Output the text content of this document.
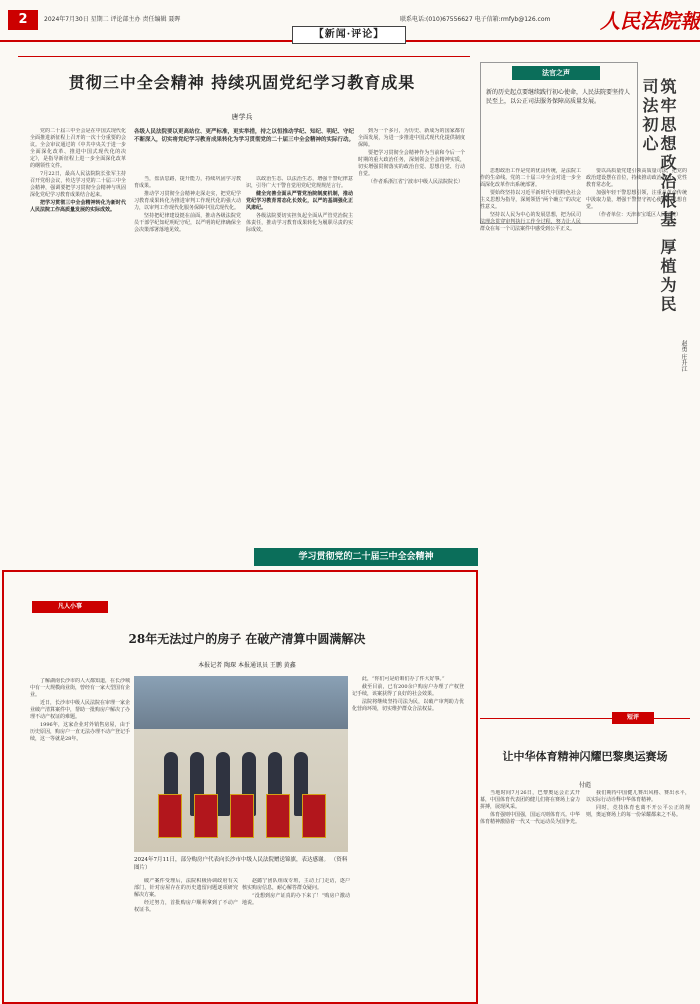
2	2024年7月30日 星期二 评论部主办 责任编辑 聂晖	联系电话:(010)67556627 电子信箱:rmfyb@126.com 人民法院報
【新闻·评论】
贯彻三中全会精神 持续巩固党纪学习教育成果
唐学兵

党的二十届三中全会是在中国式现代化全面推进新征程上召开的一次十分重要的会议。全会审议通过的《中共中央关于进一步全面深化改革、推进中国式现代化的决定》，是指导新征程上进一步全面深化改革的纲领性文件。

7月22日，最高人民法院院长张军主持召开党组会议，传达学习党的二十届三中全会精神，强调要把学习贯彻全会精神与巩固深化党纪学习教育成果结合起来。

把学习贯彻三中全会精神转化为新时代人民法院工作高质量发展的实际成效。

当，盘活思路，提升能力，持续巩固学习教育成果。

推动学习贯彻全会精神走深走实，把党纪学习教育成果转化为推进审判工作现代化的强大动力，以审判工作现代化服务保障中国式现代化。

坚持把纪律建设挺在前面，推动各级法院党员干部学纪知纪明纪守纪，以严明的纪律确保全会决策部署落地见效。

以政治生态、以法治生态，增强干警纪律意识，引导广大干警自觉用党纪党规规范言行。

健全完善全面从严管党治院制度机制，推动党纪学习教育常态化长效化，以严的基调强化正风肃纪。

各级法院要切实担负起全面从严管党治院主体责任，推动学习教育成果转化为履职尽责的实际成效。

到为一个多月，为历史、新成为的国家都有全面发展，为进一步推进中国式现代化提供制度保障。

要把学习贯彻全会精神作为当前和今后一个时期的重大政治任务，深刻领会全会精神实质，切实增强贯彻落实的政治自觉、思想自觉、行动自觉。

（作者系浙江省宁波市中级人民法院院长）

各级人民法院要以更高站位、更严标准，更实举措，持之以恒推动学纪、知纪、明纪、守纪不断深入，切实将党纪学习教育成果转化为学习贯彻党的二十届三中全会精神的实际行动。
学习贯彻党的二十届三中全会精神
法官之声
新的历史起点要继续践行初心使命，人民法院要坚持人民至上，以公正司法服务保障高质量发展。	筑牢思想政治根基 厚植为民司法初心
赵勇 庄升江

思想政治工作是党的优良传统，是法院工作的生命线。党的二十届三中全会对进一步全面深化改革作出系统部署。

要始终坚持以习近平新时代中国特色社会主义思想为指导，深刻领悟“两个确立”的决定性意义。

坚持以人民为中心的发展思想，把为民司法理念贯穿审判执行工作全过程，努力让人民群众在每一个司法案件中感受到公平正义。

要以高质量党建引领高质量司法，把党的政治建设摆在首位，持续推动政治教育、党性教育常态化。

加强年轻干警思想引领，注重从革命传统中汲取力量，增强干警坚守初心使命的思想自觉。

（作者单位：天津市宝坻区人民法院）

凡人小事
28年无法过户的房子 在破产清算中圆满解决
本报记者 陶琛 本报通讯员 王鹏 黄鑫

了解湖南长沙市的人大都知道，在长沙城中有一大规模商业街，曾经有一家大型国有企业。

近日，长沙市中级人民法院在审理一家企业破产清算案件中，帮助一批购房户解决了办理不动产权证的难题。

1996年，这家企业对外销售房屋，由于历史原因，购房户一直无法办理不动产登记手续，这一等就是28年。

2024年7月11日，部分购房户代表向长沙市中级人民法院赠送锦旗，表达感谢。 （资料图片）

破产案件受理后，法院积极协调政府有关部门，针对房屋存在的历史遗留问题逐项研究解决方案。

经过努力，首批购房户顺利拿到了不动产权证书。

赵懿宁团队组成专班，主动上门走访，逐户核实购房信息，耐心解答群众疑问。

“没想到房产证真的办下来了！”购房户激动地说。

此，“你们可是给咱们办了件大好事。”

截至目前，已有200余户购房户办理了产权登记手续，该案获得了良好的社会效果。

法院将继续坚持司法为民，以破产审判助力优化营商环境，切实维护群众合法权益。

短评
让中华体育精神闪耀巴黎奥运赛场
付彪

当地时间7月26日，巴黎奥运会正式开幕，中国体育代表团的健儿们将在赛场上奋力拼搏，展现风采。

体育强则中国强，国运兴则体育兴。中华体育精神激励着一代又一代运动员为国争光。

我们期待中国健儿赛出风格、赛出水平，以实际行动诠释中华体育精神。

同时，竞技体育也离不开公平公正的规则，奥运赛场上的每一份荣耀都来之不易。
